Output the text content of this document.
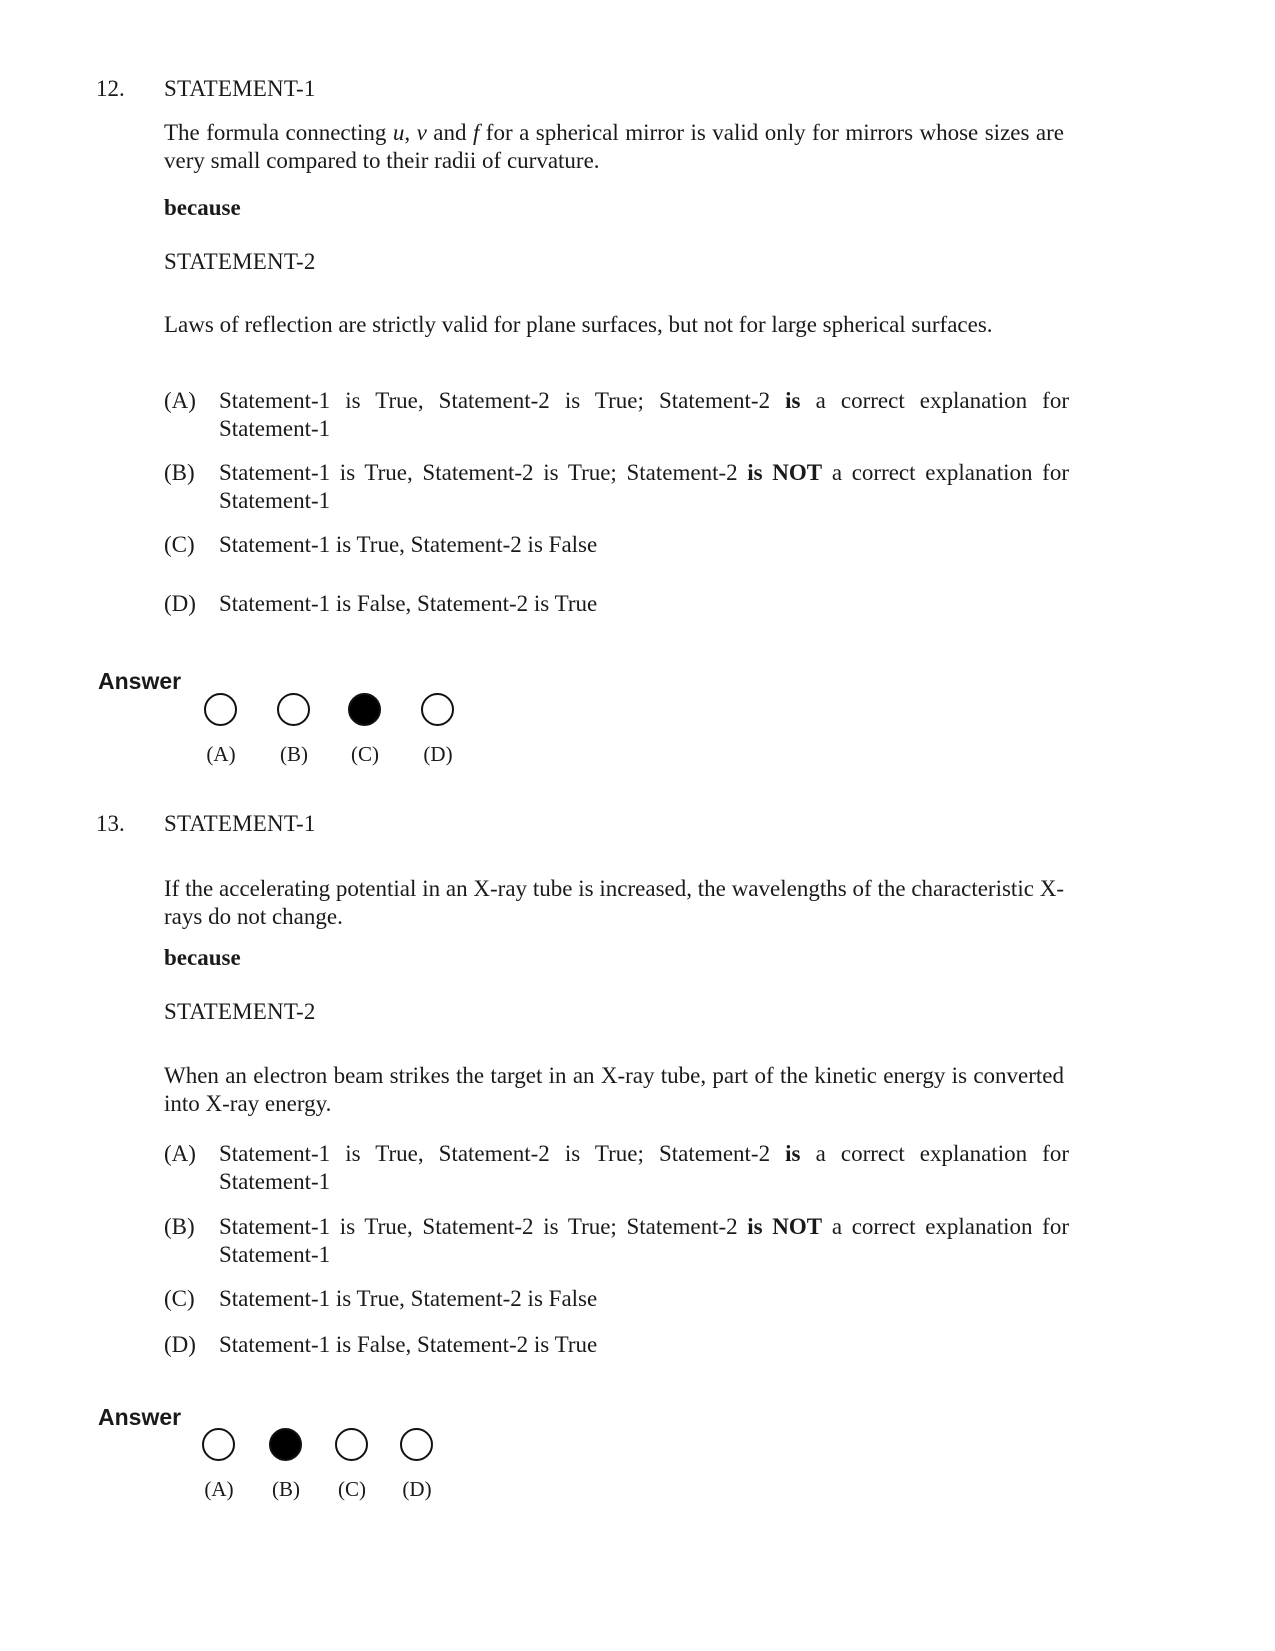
12. STATEMENT-1
The formula connecting u, v and f for a spherical mirror is valid only for mirrors whose sizes are very small compared to their radii of curvature.
because
STATEMENT-2
Laws of reflection are strictly valid for plane surfaces, but not for large spherical surfaces.
(A)	Statement-1 is True, Statement-2 is True; Statement-2 is a correct explanation for Statement-1
(B)	Statement-1 is True, Statement-2 is True; Statement-2 is NOT a correct explanation for Statement-1
(C)	Statement-1 is True, Statement-2 is False
(D)	Statement-1 is False, Statement-2 is True
Answer
(A)	(B)	(C)	(D)
13. STATEMENT-1
If the accelerating potential in an X-ray tube is increased, the wavelengths of the characteristic X-rays do not change.
because
STATEMENT-2
When an electron beam strikes the target in an X-ray tube, part of the kinetic energy is converted into X-ray energy.
(A)	Statement-1 is True, Statement-2 is True; Statement-2 is a correct explanation for Statement-1
(B)	Statement-1 is True, Statement-2 is True; Statement-2 is NOT a correct explanation for Statement-1
(C)	Statement-1 is True, Statement-2 is False
(D)	Statement-1 is False, Statement-2 is True
Answer
(A)	(B)	(C)	(D)
